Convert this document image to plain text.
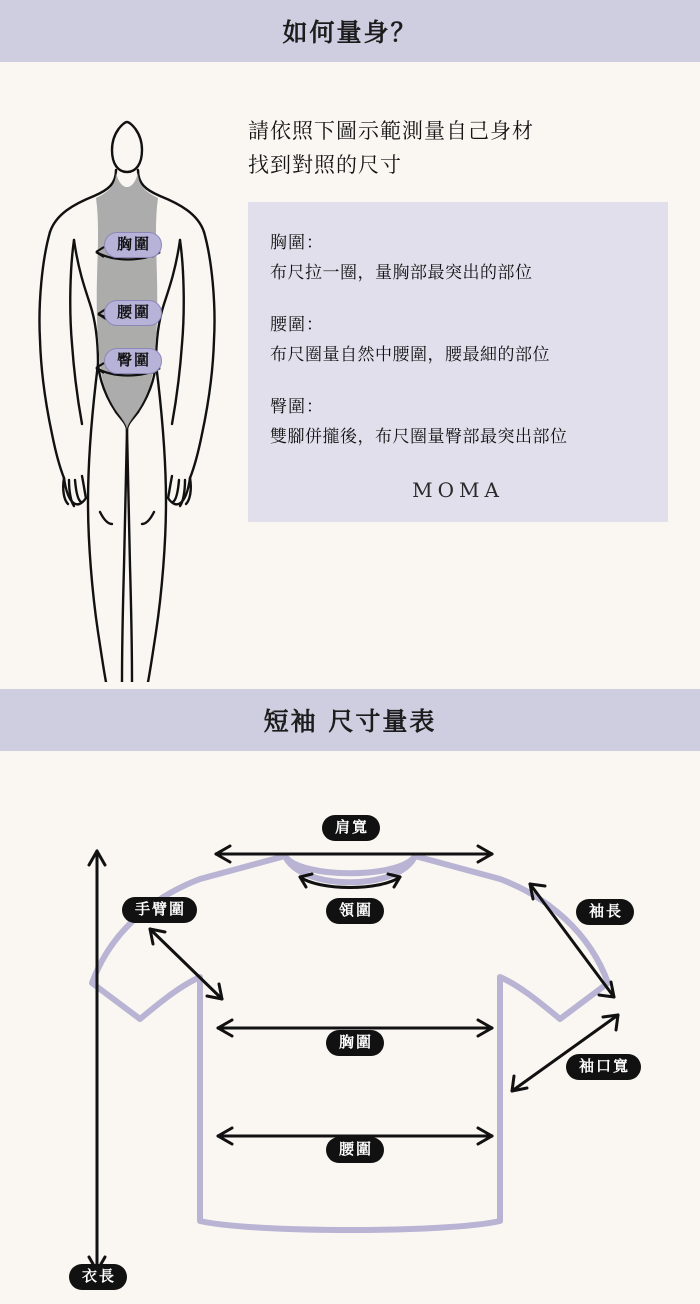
如何量身？
胸圍
腰圍
臀圍
請依照下圖示範測量自己身材
找到對照的尺寸
胸圍：
布尺拉一圈，量胸部最突出的部位
腰圍：
布尺圈量自然中腰圍，腰最細的部位
臀圍：
雙腳併攏後，布尺圈量臀部最突出部位
MOMA
短袖 尺寸量表
肩寬
手臂圍	領圍	袖長
胸圍
袖口寬
腰圍
衣長
